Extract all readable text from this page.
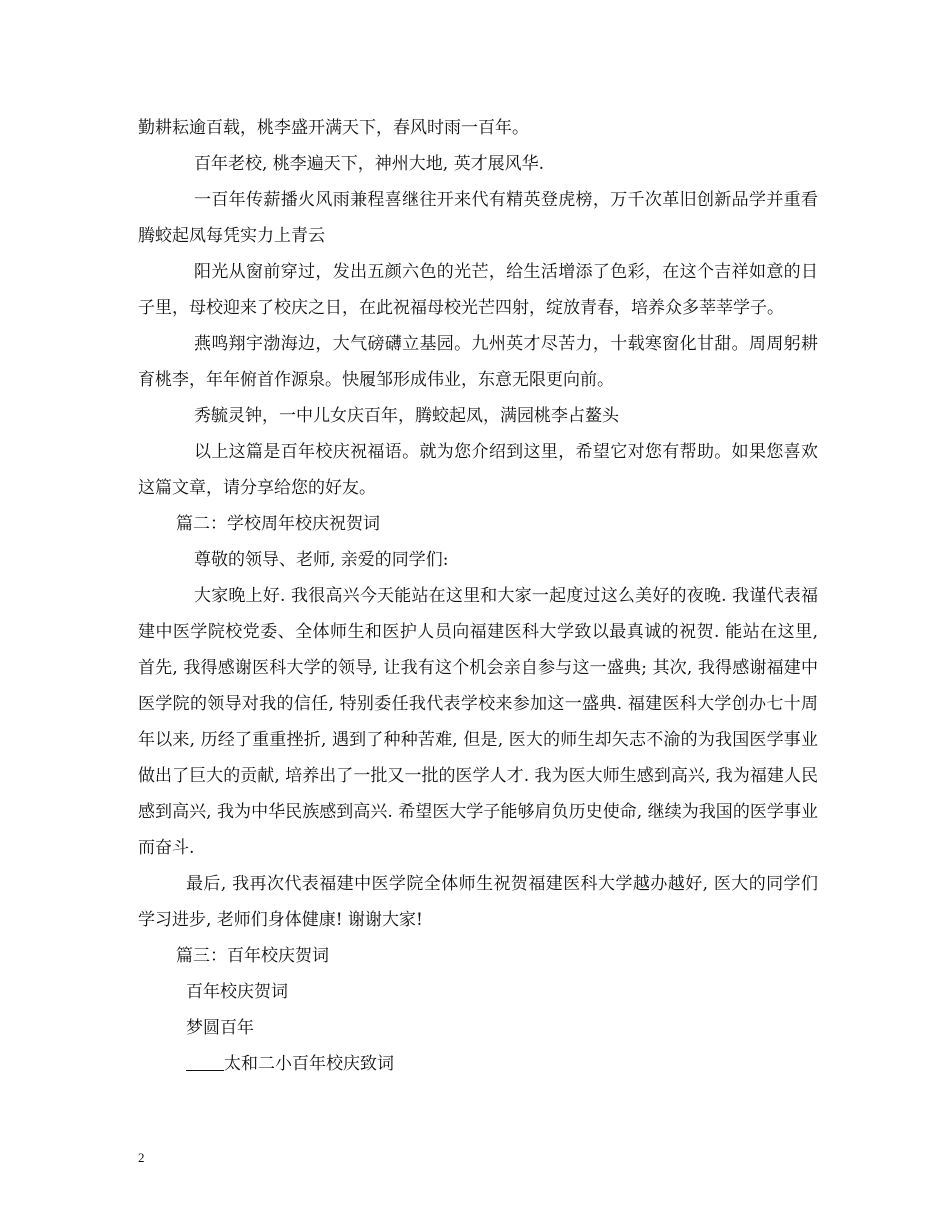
勤耕耘逾百载，桃李盛开满天下，春风时雨一百年。

百年老校, 桃李遍天下，神州大地, 英才展风华.

一百年传薪播火风雨兼程喜继往开来代有精英登虎榜，万千次革旧创新品学并重看腾蛟起凤每凭实力上青云

阳光从窗前穿过，发出五颜六色的光芒，给生活增添了色彩，在这个吉祥如意的日子里，母校迎来了校庆之日，在此祝福母校光芒四射，绽放青春，培养众多莘莘学子。

燕鸣翔宇渤海边，大气磅礴立基园。九州英才尽苦力，十载寒窗化甘甜。周周躬耕育桃李，年年俯首作源泉。快履邹形成伟业，东意无限更向前。

秀毓灵钟，一中儿女庆百年，腾蛟起凤，满园桃李占鳌头

以上这篇是百年校庆祝福语。就为您介绍到这里，希望它对您有帮助。如果您喜欢这篇文章，请分享给您的好友。

篇二：学校周年校庆祝贺词

尊敬的领导、老师, 亲爱的同学们:

大家晚上好. 我很高兴今天能站在这里和大家一起度过这么美好的夜晚. 我谨代表福建中医学院校党委、全体师生和医护人员向福建医科大学致以最真诚的祝贺. 能站在这里, 首先, 我得感谢医科大学的领导, 让我有这个机会亲自参与这一盛典; 其次, 我得感谢福建中医学院的领导对我的信任, 特别委任我代表学校来参加这一盛典. 福建医科大学创办七十周年以来, 历经了重重挫折, 遇到了种种苦难, 但是, 医大的师生却矢志不渝的为我国医学事业做出了巨大的贡献, 培养出了一批又一批的医学人才. 我为医大师生感到高兴, 我为福建人民感到高兴, 我为中华民族感到高兴. 希望医大学子能够肩负历史使命, 继续为我国的医学事业而奋斗.

最后, 我再次代表福建中医学院全体师生祝贺福建医科大学越办越好, 医大的同学们学习进步, 老师们身体健康! 谢谢大家!

篇三：百年校庆贺词

百年校庆贺词

梦圆百年

太和二小百年校庆致词

2
